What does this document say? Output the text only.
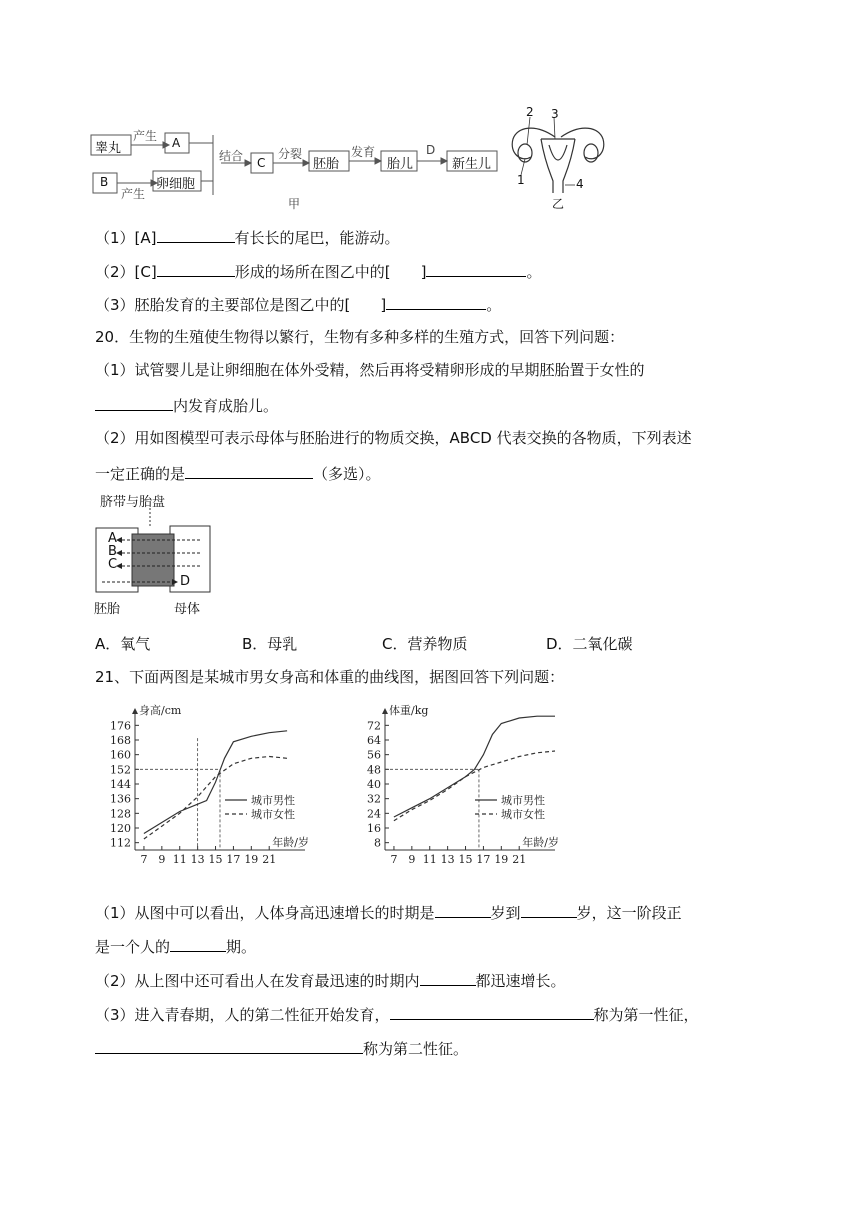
睾丸
产生 A
B
产生
卵细胞
结合 C
分裂
胚胎
发育
胎儿
D
新生儿
甲
2 3
1	4
乙
（1）[A]	有长长的尾巴，能游动。
（2）[C]	形成的场所在图乙中的[ ]	。
（3）胚胎发育的主要部位是图乙中的[ ]	。
20．生物的生殖使生物得以繁行，生物有多种多样的生殖方式，回答下列问题：
（1）试管婴儿是让卵细胞在体外受精，然后再将受精卵形成的早期胚胎置于女性的
内发育成胎儿。
（2）用如图模型可表示母体与胚胎进行的物质交换，ABCD 代表交换的各物质，下列表述
一定正确的是	（多选）。
脐带与胎盘
A
B
C
D
胚胎	母体
A．氧气	B．母乳	C．营养物质	D．二氧化碳
21、下面两图是某城市男女身高和体重的曲线图，据图回答下列问题：
112
120
128
136
144
152
160
168
176
7 9 11 13 15 17 19 21
身高/cm
年龄/岁
城市男性
城市女性
8
16
24
32
40
48
56
64
72
7 9 11 13 15 17 19 21
体重/kg
年龄/岁
城市男性
城市女性
（1）从图中可以看出，人体身高迅速增长的时期是	岁到	岁，这一阶段正
是一个人的	期。
（2）从上图中还可看出人在发育最迅速的时期内	都迅速增长。
（3）进入青春期，人的第二性征开始发育，	称为第一性征，
称为第二性征。
